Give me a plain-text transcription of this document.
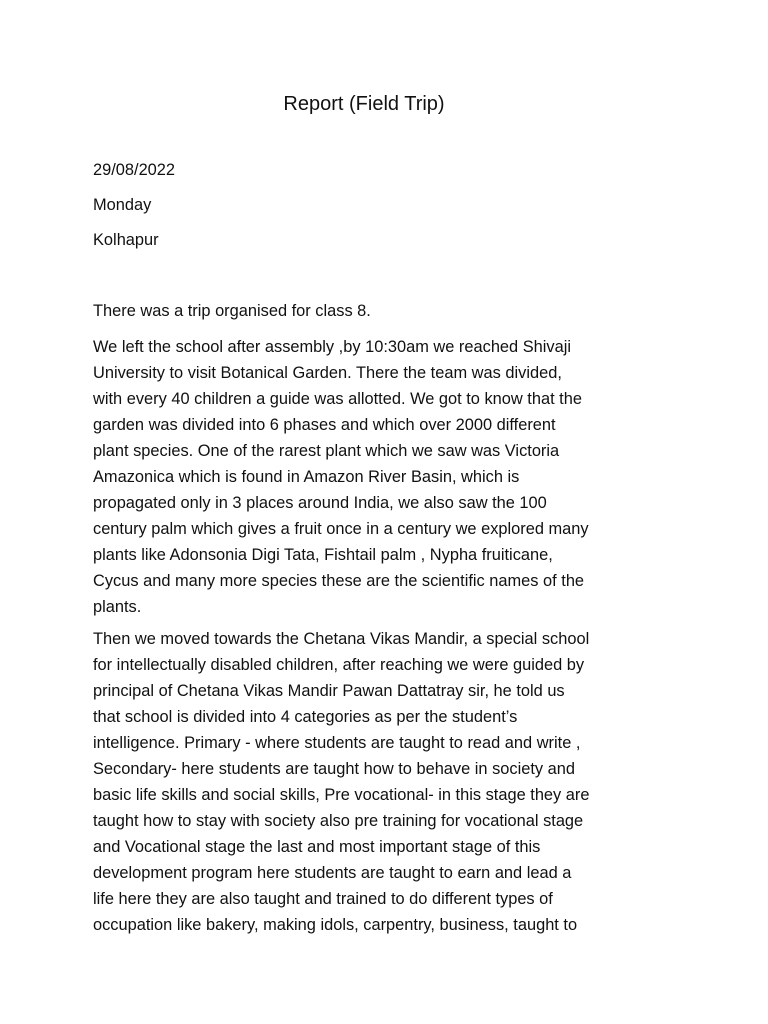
Report (Field Trip)

29/08/2022

Monday

Kolhapur

There was a trip organised for class 8.

We left the school after assembly ,by 10:30am we reached Shivaji
University to visit Botanical Garden. There the team was divided,
with every 40 children a guide was allotted. We got to know that the
garden was divided into 6 phases and which over 2000 different
plant species. One of the rarest plant which we saw was Victoria
Amazonica which is found in Amazon River Basin, which is
propagated only in 3 places around India, we also saw the 100
century palm which gives a fruit once in a century we explored many
plants like Adonsonia Digi Tata, Fishtail palm , Nypha fruiticane,
Cycus and many more species these are the scientific names of the
plants.

Then we moved towards the Chetana Vikas Mandir, a special school
for intellectually disabled children, after reaching we were guided by
principal of Chetana Vikas Mandir Pawan Dattatray sir, he told us
that school is divided into 4 categories as per the student’s
intelligence. Primary - where students are taught to read and write ,
Secondary- here students are taught how to behave in society and
basic life skills and social skills, Pre vocational- in this stage they are
taught how to stay with society also pre training for vocational stage
and Vocational stage the last and most important stage of this
development program here students are taught to earn and lead a
life here they are also taught and trained to do different types of
occupation like bakery, making idols, carpentry, business, taught to
